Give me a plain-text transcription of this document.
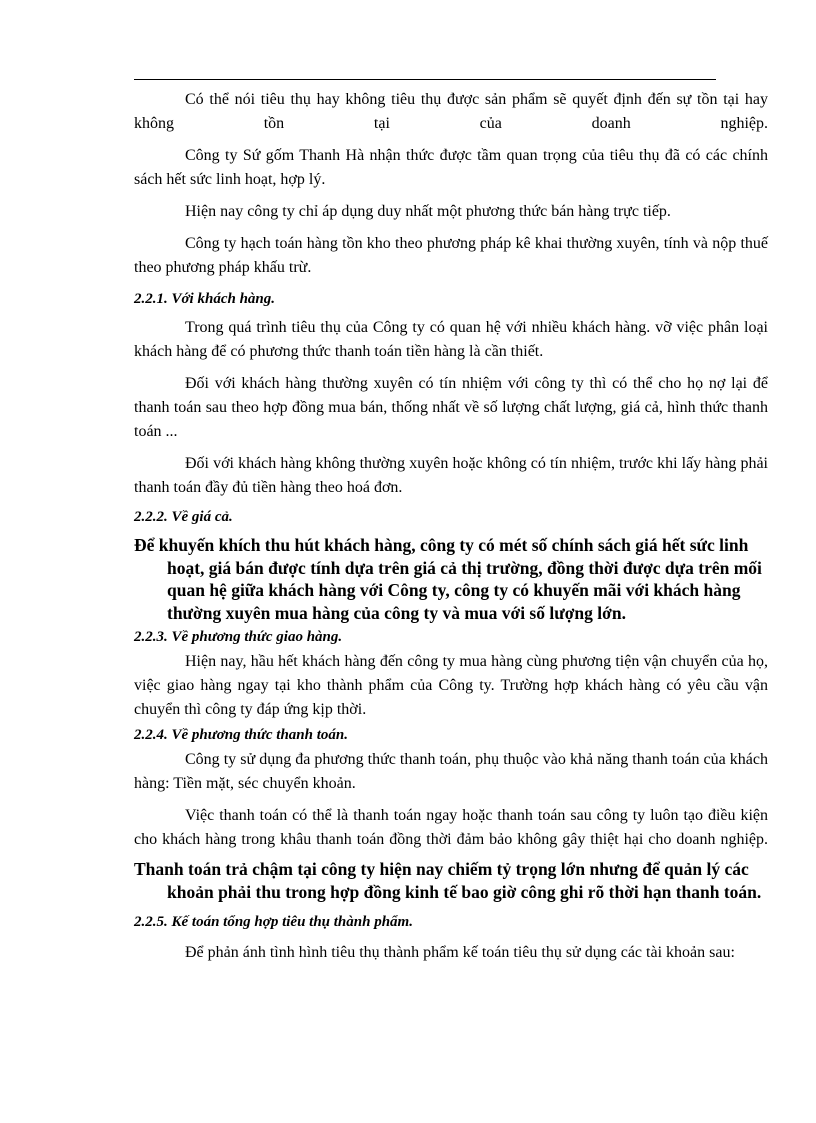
Có thể nói tiêu thụ hay không tiêu thụ được sản phẩm sẽ quyết định đến sự tồn tại hay không tồn tại của doanh nghiệp.

Công ty Sứ gốm Thanh Hà nhận thức được tầm quan trọng của tiêu thụ đã có các chính sách hết sức linh hoạt, hợp lý.

Hiện nay công ty chỉ áp dụng duy nhất một phương thức bán hàng trực tiếp.

Công ty hạch toán hàng tồn kho theo phương pháp kê khai thường xuyên, tính và nộp thuế theo phương pháp khấu trừ.

2.2.1. Với khách hàng.

Trong quá trình tiêu thụ của Công ty có quan hệ với nhiều khách hàng. vỡ việc phân loại khách hàng để có phương thức thanh toán tiền hàng là cần thiết.

Đối với khách hàng thường xuyên có tín nhiệm với công ty thì có thể cho họ nợ lại để thanh toán sau theo hợp đồng mua bán, thống nhất về số lượng chất lượng, giá cả, hình thức thanh toán ...

Đối với khách hàng không thường xuyên hoặc không có tín nhiệm, trước khi lấy hàng phải thanh toán đầy đủ tiền hàng theo hoá đơn.

2.2.2. Về giá cả.

Để khuyến khích thu hút khách hàng, công ty có mét số chính sách giá hết sức linh hoạt, giá bán được tính dựa trên giá cả thị trường, đồng thời được dựa trên mối quan hệ giữa khách hàng với Công ty, công ty có khuyến mãi với khách hàng thường xuyên mua hàng của công ty và mua với số lượng lớn.

2.2.3. Về phương thức giao hàng.

Hiện nay, hầu hết khách hàng đến công ty mua hàng cùng phương tiện vận chuyển của họ, việc giao hàng ngay tại kho thành phẩm của Công ty. Trường hợp khách hàng có yêu cầu vận chuyển thì công ty đáp ứng kịp thời.

2.2.4. Về phương thức thanh toán.

Công ty sử dụng đa phương thức thanh toán, phụ thuộc vào khả năng thanh toán của khách hàng: Tiền mặt, séc chuyển khoản.

Việc thanh toán có thể là thanh toán ngay hoặc thanh toán sau công ty luôn tạo điều kiện cho khách hàng trong khâu thanh toán đồng thời đảm bảo không gây thiệt hại cho doanh nghiệp.

Thanh toán trả chậm tại công ty hiện nay chiếm tỷ trọng lớn nhưng để quản lý các khoản phải thu trong hợp đồng kinh tế bao giờ công ghi rõ thời hạn thanh toán.

2.2.5. Kế toán tổng hợp tiêu thụ thành phẩm.

Để phản ánh tình hình tiêu thụ thành phẩm kế toán tiêu thụ sử dụng các tài khoản sau:
